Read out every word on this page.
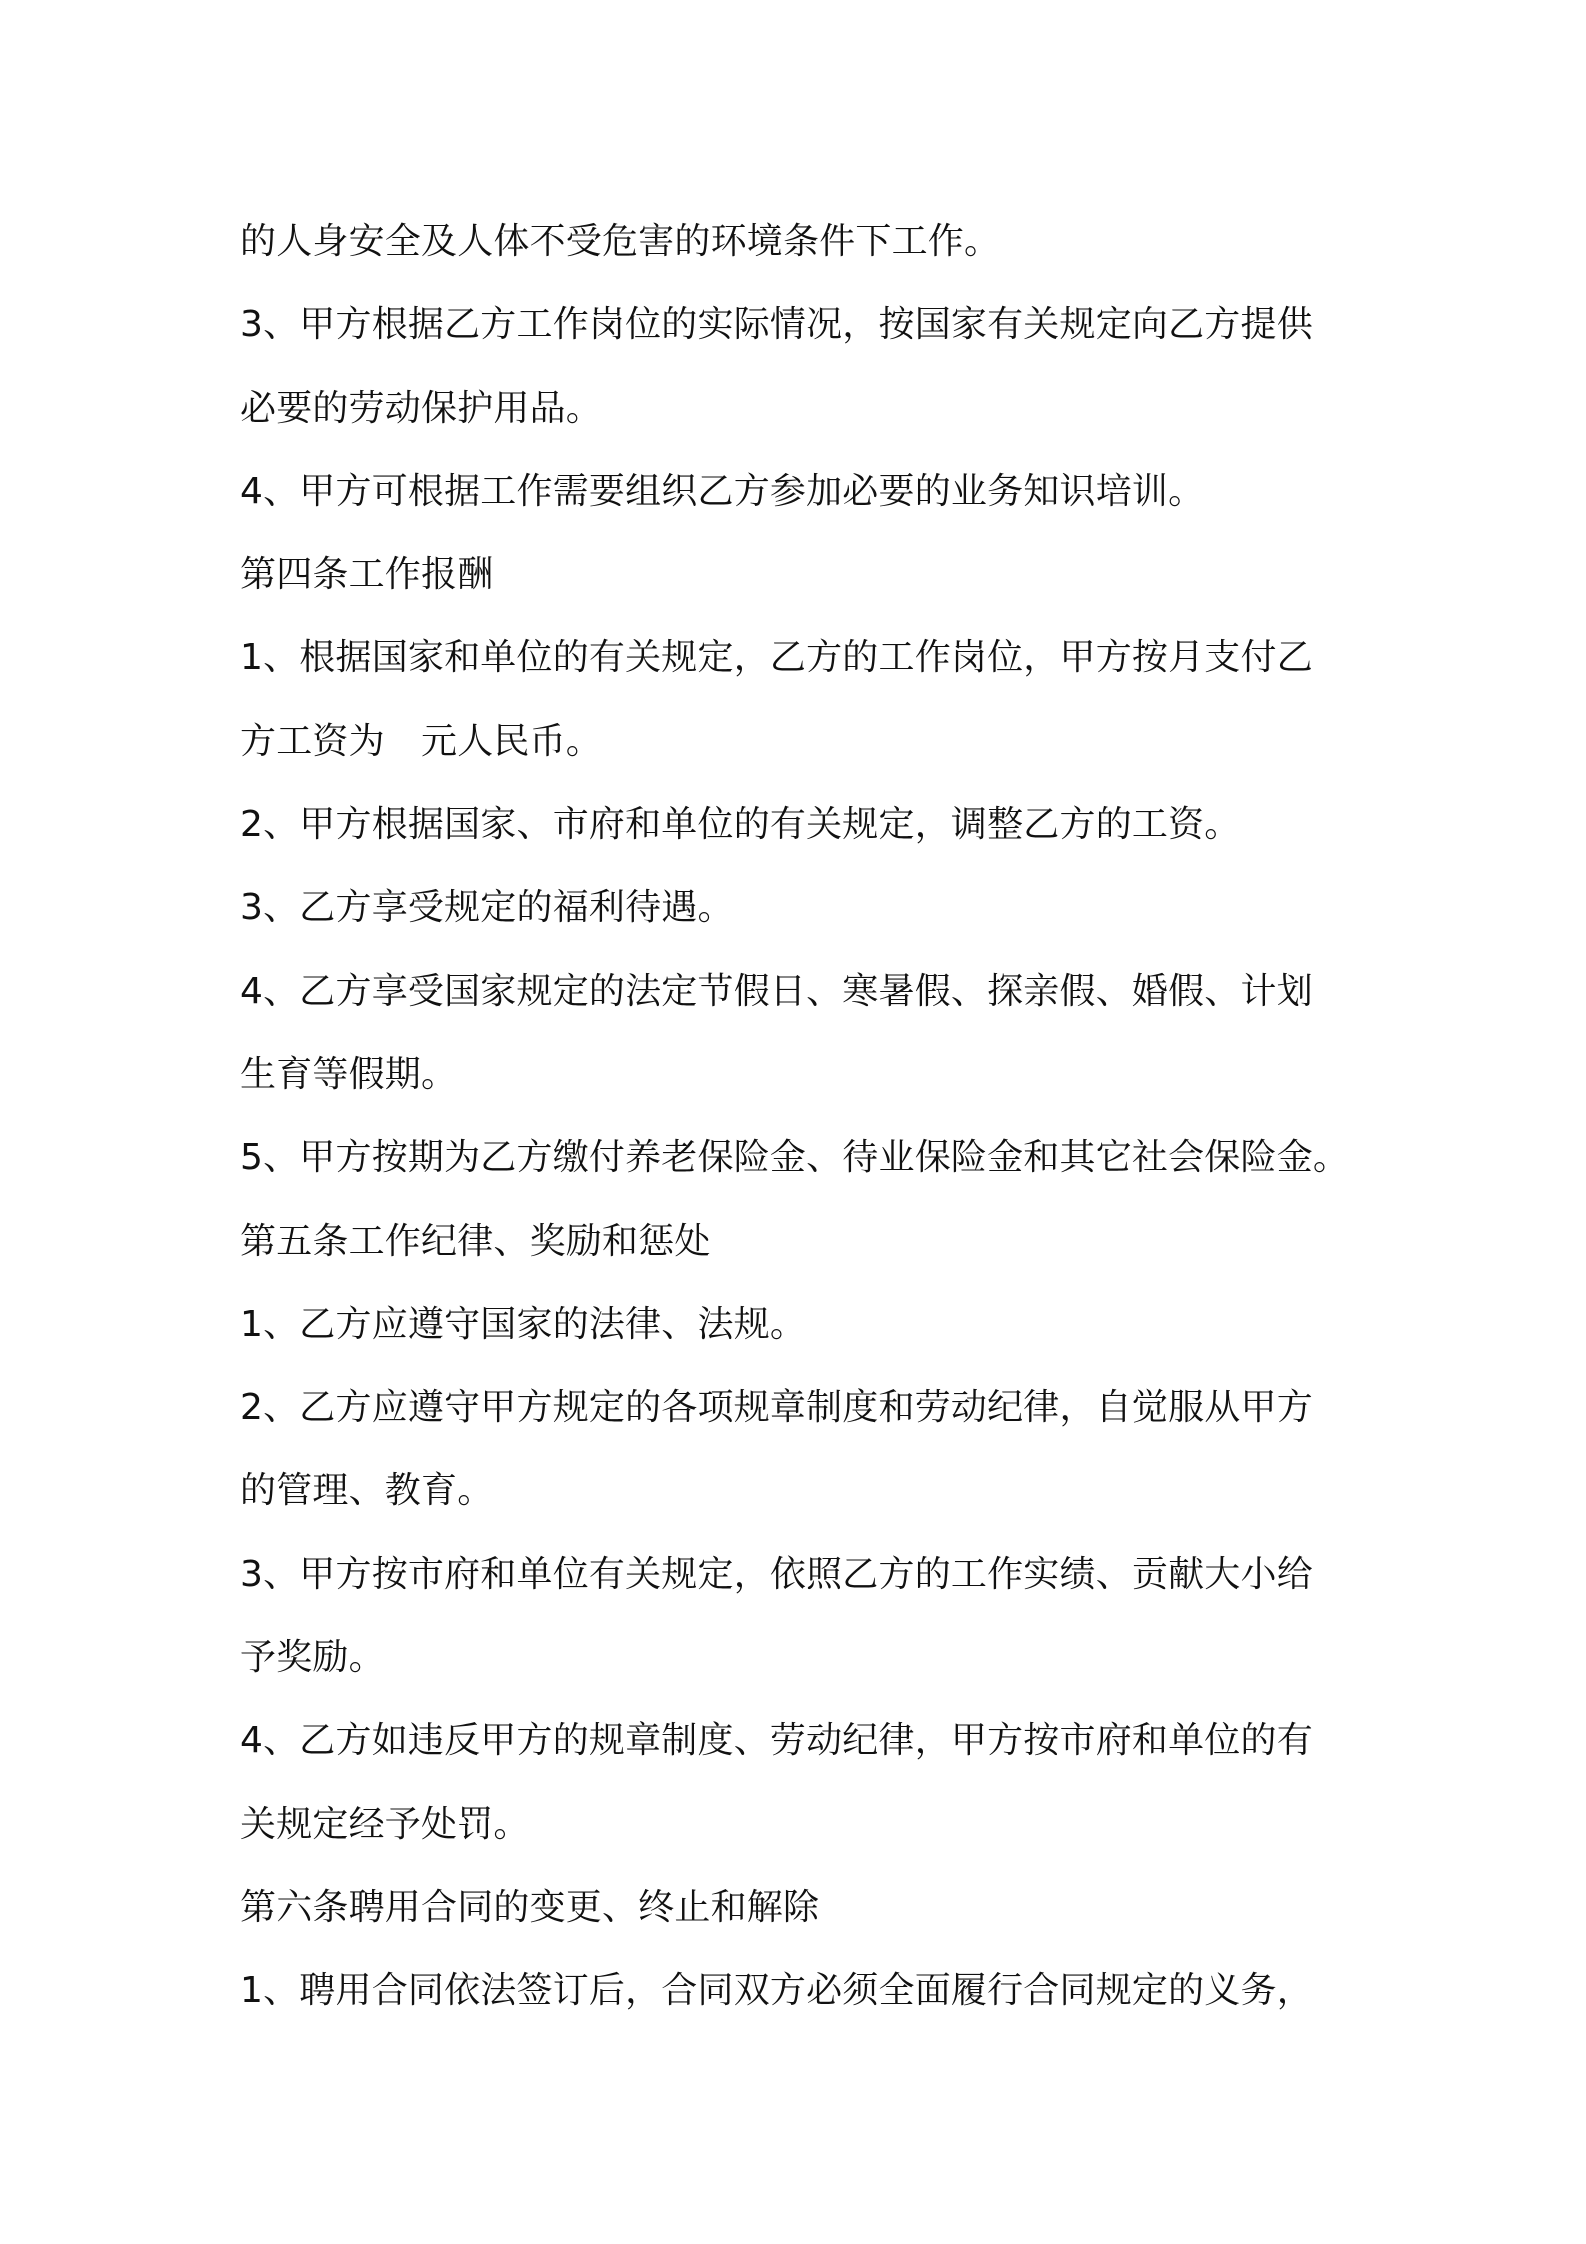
的人身安全及人体不受危害的环境条件下工作。
3、甲方根据乙方工作岗位的实际情况，按国家有关规定向乙方提供
必要的劳动保护用品。
4、甲方可根据工作需要组织乙方参加必要的业务知识培训。
第四条工作报酬
1、根据国家和单位的有关规定，乙方的工作岗位，甲方按月支付乙
方工资为　元人民币。
2、甲方根据国家、市府和单位的有关规定，调整乙方的工资。
3、乙方享受规定的福利待遇。
4、乙方享受国家规定的法定节假日、寒暑假、探亲假、婚假、计划
生育等假期。
5、甲方按期为乙方缴付养老保险金、待业保险金和其它社会保险金。
第五条工作纪律、奖励和惩处
1、乙方应遵守国家的法律、法规。
2、乙方应遵守甲方规定的各项规章制度和劳动纪律，自觉服从甲方
的管理、教育。
3、甲方按市府和单位有关规定，依照乙方的工作实绩、贡献大小给
予奖励。
4、乙方如违反甲方的规章制度、劳动纪律，甲方按市府和单位的有
关规定经予处罚。
第六条聘用合同的变更、终止和解除
1、聘用合同依法签订后，合同双方必须全面履行合同规定的义务，
